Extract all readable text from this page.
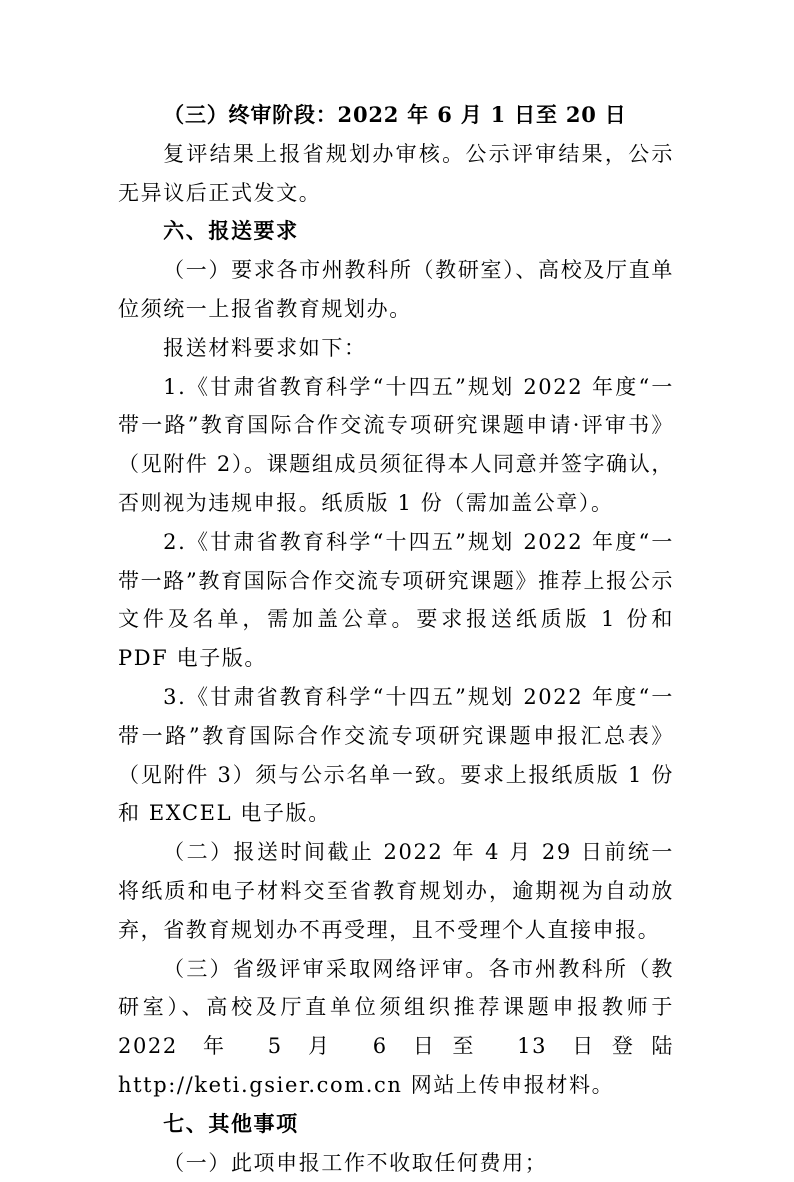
（三）终审阶段：2022 年 6 月 1 日至 20 日

复评结果上报省规划办审核。公示评审结果，公示无异议后正式发文。

六、报送要求

（一）要求各市州教科所（教研室）、高校及厅直单位须统一上报省教育规划办。

报送材料要求如下：

1.《甘肃省教育科学“十四五”规划 2022 年度“一带一路”教育国际合作交流专项研究课题申请·评审书》（见附件 2）。课题组成员须征得本人同意并签字确认，否则视为违规申报。纸质版 1 份（需加盖公章）。

2.《甘肃省教育科学“十四五”规划 2022 年度“一带一路”教育国际合作交流专项研究课题》推荐上报公示文件及名单，需加盖公章。要求报送纸质版 1 份和 PDF 电子版。

3.《甘肃省教育科学“十四五”规划 2022 年度“一带一路”教育国际合作交流专项研究课题申报汇总表》（见附件 3）须与公示名单一致。要求上报纸质版 1 份和 EXCEL 电子版。

（二）报送时间截止 2022 年 4 月 29 日前统一将纸质和电子材料交至省教育规划办，逾期视为自动放弃，省教育规划办不再受理，且不受理个人直接申报。

（三）省级评审采取网络评审。各市州教科所（教研室）、高校及厅直单位须组织推荐课题申报教师于 2022 年 5 月 6 日至 13 日登陆 http://keti.gsier.com.cn 网站上传申报材料。

七、其他事项

（一）此项申报工作不收取任何费用；
